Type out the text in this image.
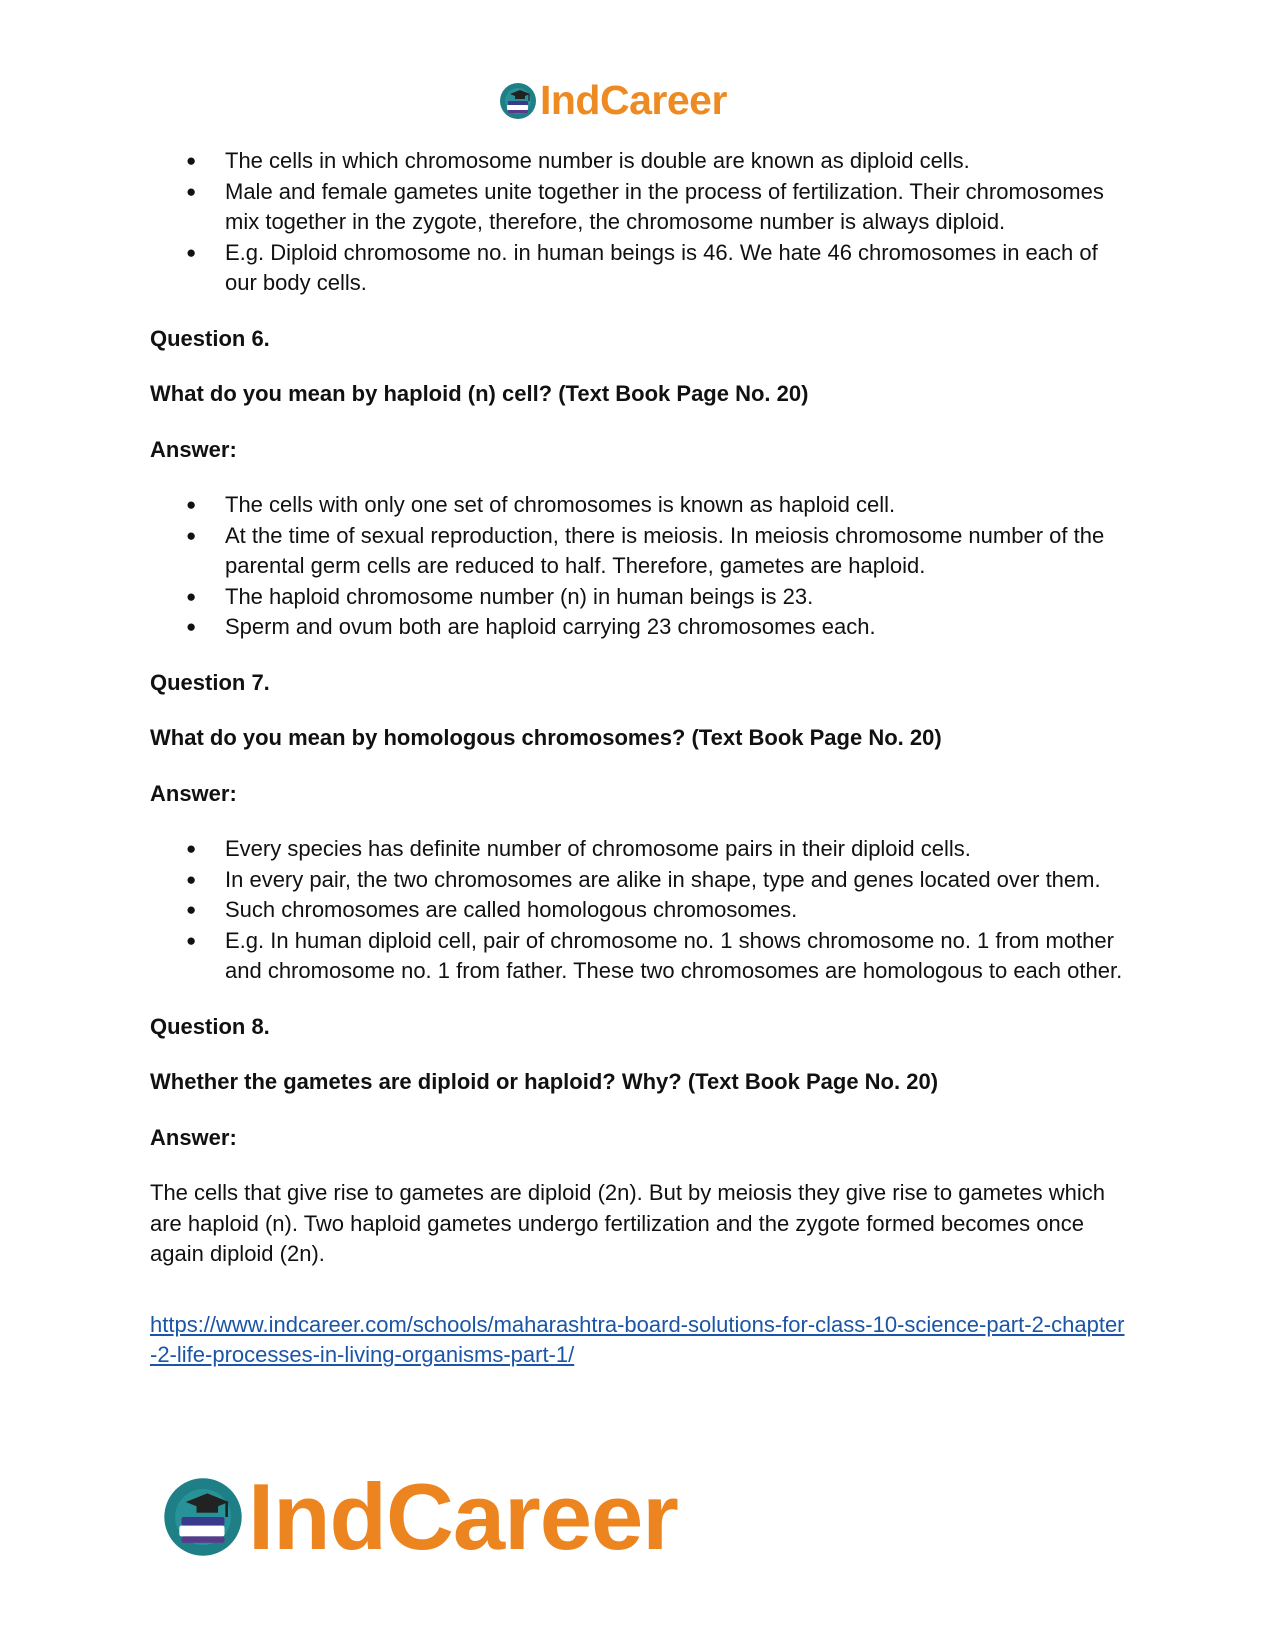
IndCareer
● The cells in which chromosome number is double are known as diploid cells.
● Male and female gametes unite together in the process of fertilization. Their chromosomes mix together in the zygote, therefore, the chromosome number is always diploid.
● E.g. Diploid chromosome no. in human beings is 46. We hate 46 chromosomes in each of our body cells.

Question 6.

What do you mean by haploid (n) cell? (Text Book Page No. 20)

Answer:

● The cells with only one set of chromosomes is known as haploid cell.
● At the time of sexual reproduction, there is meiosis. In meiosis chromosome number of the parental germ cells are reduced to half. Therefore, gametes are haploid.
● The haploid chromosome number (n) in human beings is 23.
● Sperm and ovum both are haploid carrying 23 chromosomes each.

Question 7.

What do you mean by homologous chromosomes? (Text Book Page No. 20)

Answer:

● Every species has definite number of chromosome pairs in their diploid cells.
● In every pair, the two chromosomes are alike in shape, type and genes located over them.
● Such chromosomes are called homologous chromosomes.
● E.g. In human diploid cell, pair of chromosome no. 1 shows chromosome no. 1 from mother and chromosome no. 1 from father. These two chromosomes are homologous to each other.

Question 8.

Whether the gametes are diploid or haploid? Why? (Text Book Page No. 20)

Answer:

The cells that give rise to gametes are diploid (2n). But by meiosis they give rise to gametes which are haploid (n). Two haploid gametes undergo fertilization and the zygote formed becomes once again diploid (2n).

https://www.indcareer.com/schools/maharashtra-board-solutions-for-class-10-science-part-2-chapter-2-life-processes-in-living-organisms-part-1/
IndCareer
